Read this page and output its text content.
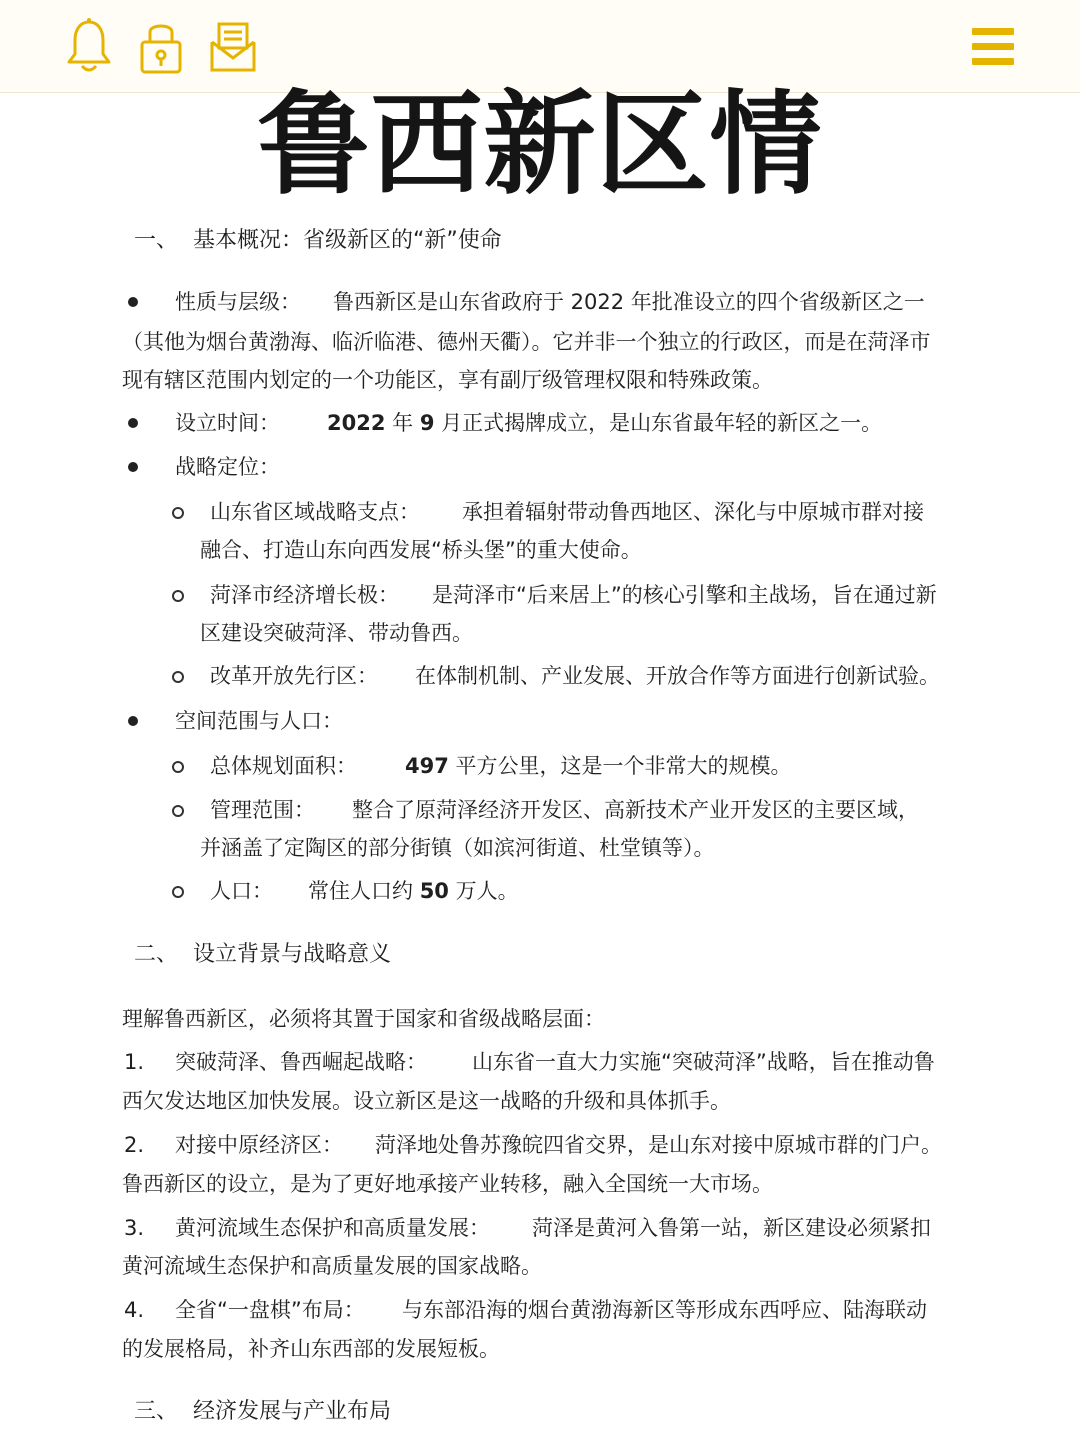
鲁西新区情
一、 基本概况：省级新区的“新”使命
性质与层级： 鲁西新区是山东省政府于 2022 年批准设立的四个省级新区之一
（其他为烟台黄渤海、临沂临港、德州天衢）。它并非一个独立的行政区，而是在菏泽市
现有辖区范围内划定的一个功能区，享有副厅级管理权限和特殊政策。
设立时间： 2022 年 9 月正式揭牌成立，是山东省最年轻的新区之一。
战略定位：
山东省区域战略支点： 承担着辐射带动鲁西地区、深化与中原城市群对接
融合、打造山东向西发展“桥头堡”的重大使命。
菏泽市经济增长极： 是菏泽市“后来居上”的核心引擎和主战场，旨在通过新
区建设突破菏泽、带动鲁西。
改革开放先行区： 在体制机制、产业发展、开放合作等方面进行创新试验。
空间范围与人口：
总体规划面积： 497 平方公里，这是一个非常大的规模。
管理范围： 整合了原菏泽经济开发区、高新技术产业开发区的主要区域，
并涵盖了定陶区的部分街镇（如滨河街道、杜堂镇等）。
人口： 常住人口约 50 万人。
二、 设立背景与战略意义
理解鲁西新区，必须将其置于国家和省级战略层面：
1. 突破菏泽、鲁西崛起战略： 山东省一直大力实施“突破菏泽”战略，旨在推动鲁
西欠发达地区加快发展。设立新区是这一战略的升级和具体抓手。
2. 对接中原经济区： 菏泽地处鲁苏豫皖四省交界，是山东对接中原城市群的门户。
鲁西新区的设立，是为了更好地承接产业转移，融入全国统一大市场。
3. 黄河流域生态保护和高质量发展： 菏泽是黄河入鲁第一站，新区建设必须紧扣
黄河流域生态保护和高质量发展的国家战略。
4. 全省“一盘棋”布局： 与东部沿海的烟台黄渤海新区等形成东西呼应、陆海联动
的发展格局，补齐山东西部的发展短板。
三、 经济发展与产业布局
